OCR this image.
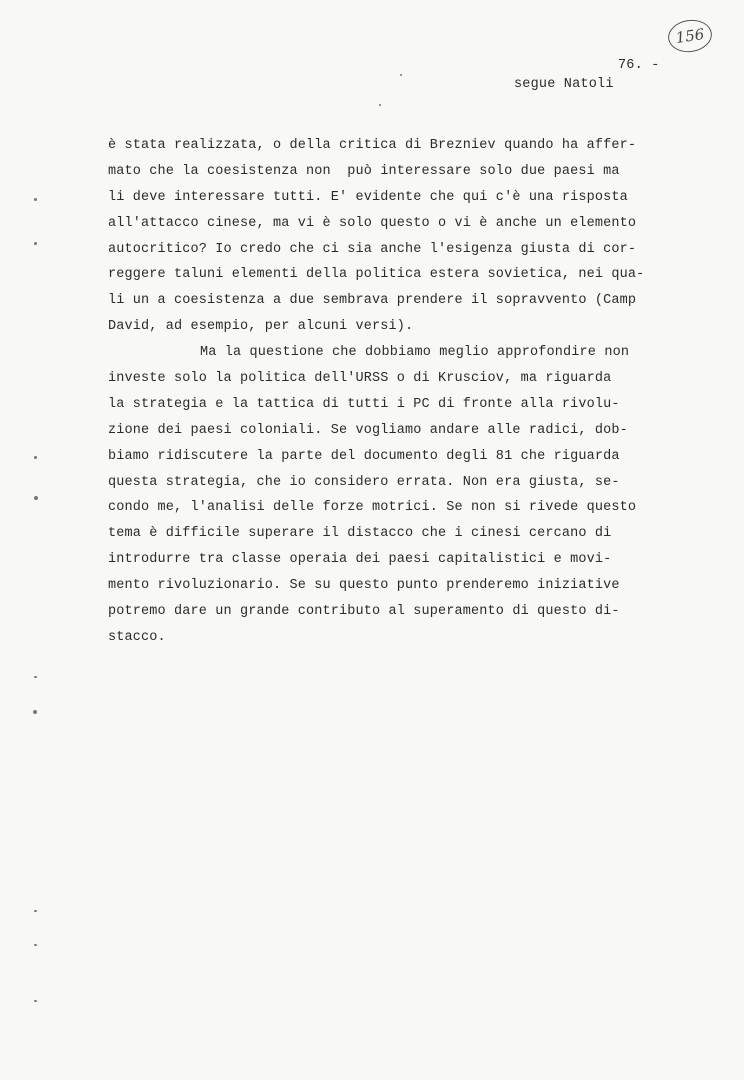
156
76. -
segue Natoli
è stata realizzata, o della critica di Brezniev quando ha affer-
mato che la coesistenza non  può interessare solo due paesi ma
li deve interessare tutti. E' evidente che qui c'è una risposta
all'attacco cinese, ma vi è solo questo o vi è anche un elemento
autocritico? Io credo che ci sia anche l'esigenza giusta di cor-
reggere taluni elementi della politica estera sovietica, nei qua-
li un a coesistenza a due sembrava prendere il sopravvento (Camp
David, ad esempio, per alcuni versi).
Ma la questione che dobbiamo meglio approfondire non
investe solo la politica dell'URSS o di Krusciov, ma riguarda
la strategia e la tattica di tutti i PC di fronte alla rivolu-
zione dei paesi coloniali. Se vogliamo andare alle radici, dob-
biamo ridiscutere la parte del documento degli 81 che riguarda
questa strategia, che io considero errata. Non era giusta, se-
condo me, l'analisi delle forze motrici. Se non si rivede questo
tema è difficile superare il distacco che i cinesi cercano di
introdurre tra classe operaia dei paesi capitalistici e movi-
mento rivoluzionario. Se su questo punto prenderemo iniziative
potremo dare un grande contributo al superamento di questo di-
stacco.
